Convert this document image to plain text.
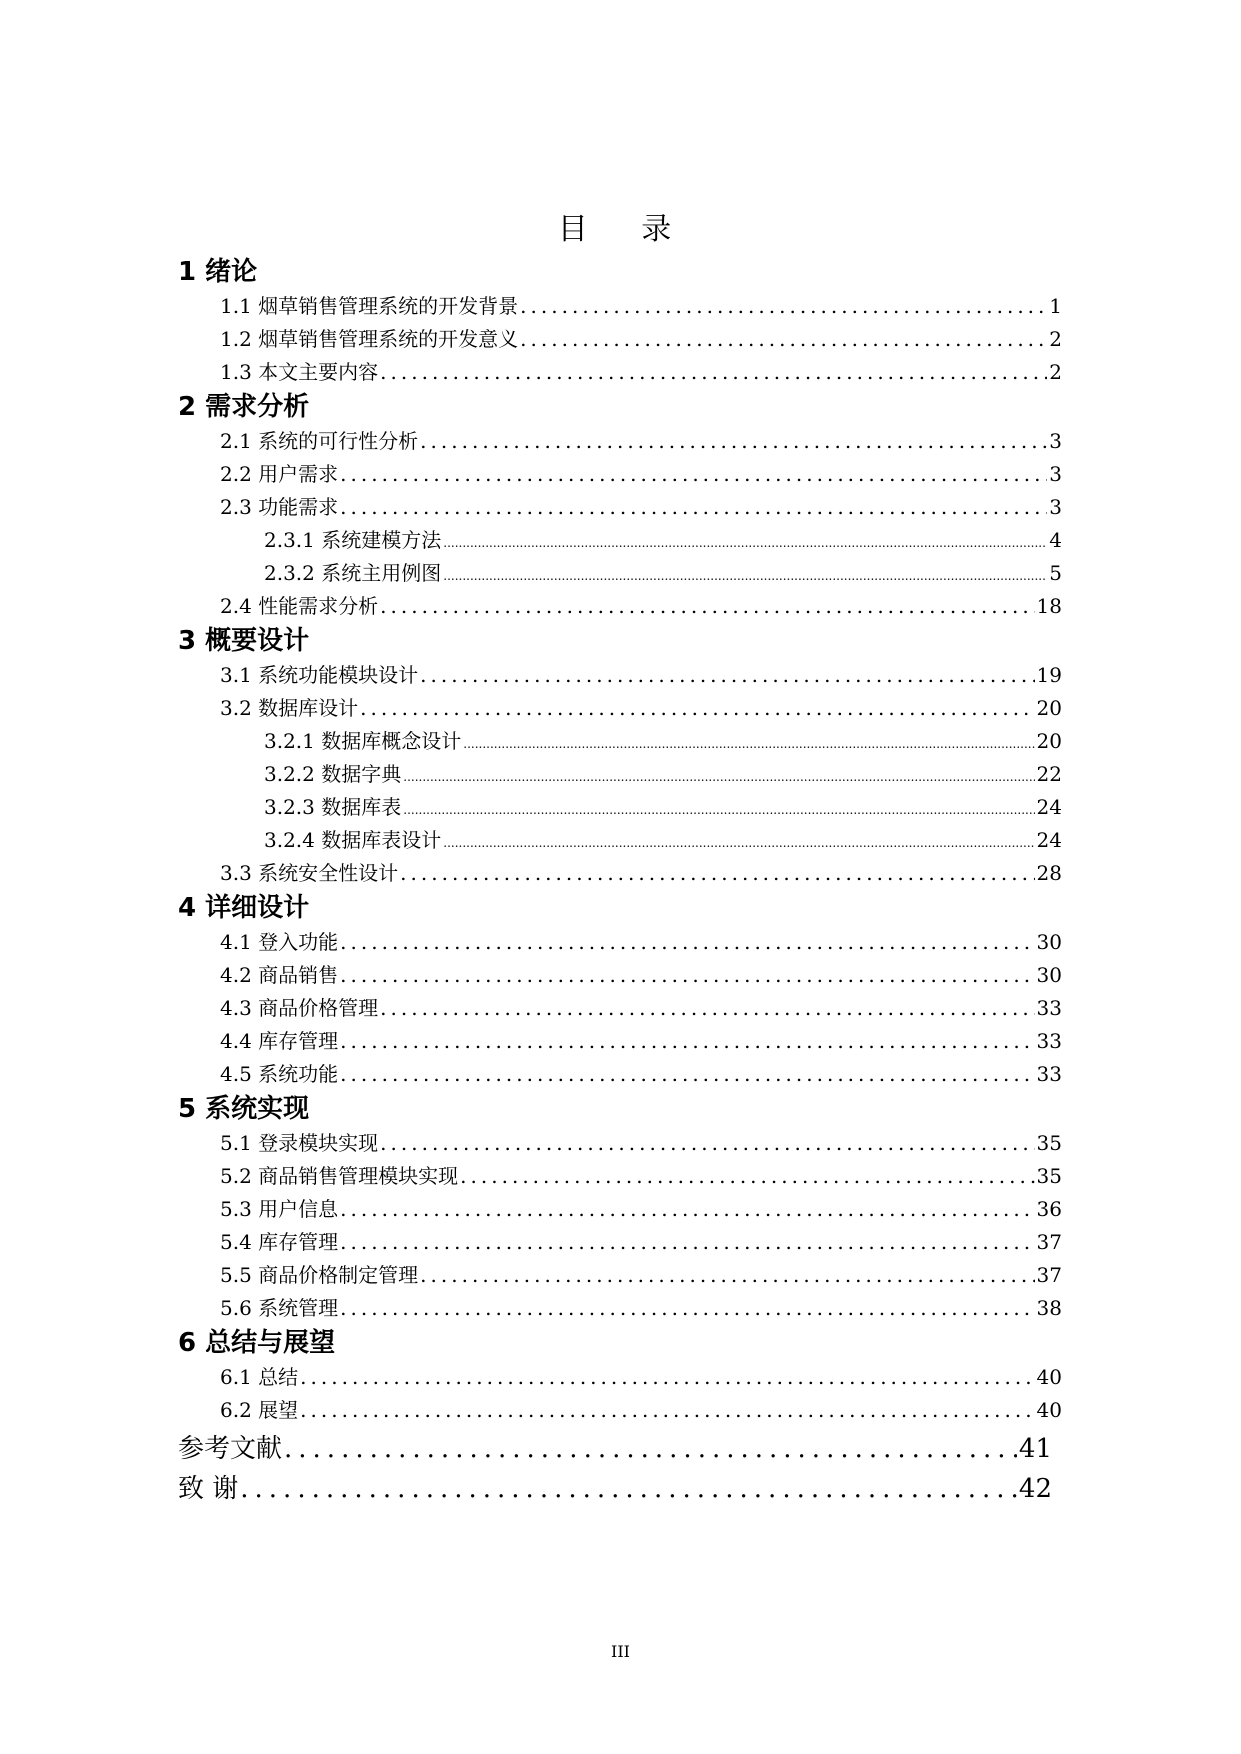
目 录
1 绪论
1.1 烟草销售管理系统的开发背景 .....	1
1.2 烟草销售管理系统的开发意义 .....	2
1.3 本文主要内容 .....	2
2 需求分析
2.1 系统的可行性分析 .....	3
2.2 用户需求 .....	3
2.3 功能需求 .....	3
2.3.1 系统建模方法 .....	4
2.3.2 系统主用例图 .....	5
2.4 性能需求分析 .....	18
3 概要设计
3.1 系统功能模块设计 .....	19
3.2 数据库设计 .....	20
3.2.1 数据库概念设计 .....	20
3.2.2 数据字典 .....	22
3.2.3 数据库表 .....	24
3.2.4 数据库表设计 .....	24
3.3 系统安全性设计 .....	28
4 详细设计
4.1 登入功能 .....	30
4.2 商品销售 .....	30
4.3 商品价格管理 .....	33
4.4 库存管理 .....	33
4.5 系统功能 .....	33
5 系统实现
5.1 登录模块实现 .....	35
5.2 商品销售管理模块实现 .....	35
5.3 用户信息 .....	36
5.4 库存管理 .....	37
5.5 商品价格制定管理 .....	37
5.6 系统管理 .....	38
6 总结与展望
6.1 总结 .....	40
6.2 展望 .....	40
参考文献 .....	41
致 谢 .....	42
III
